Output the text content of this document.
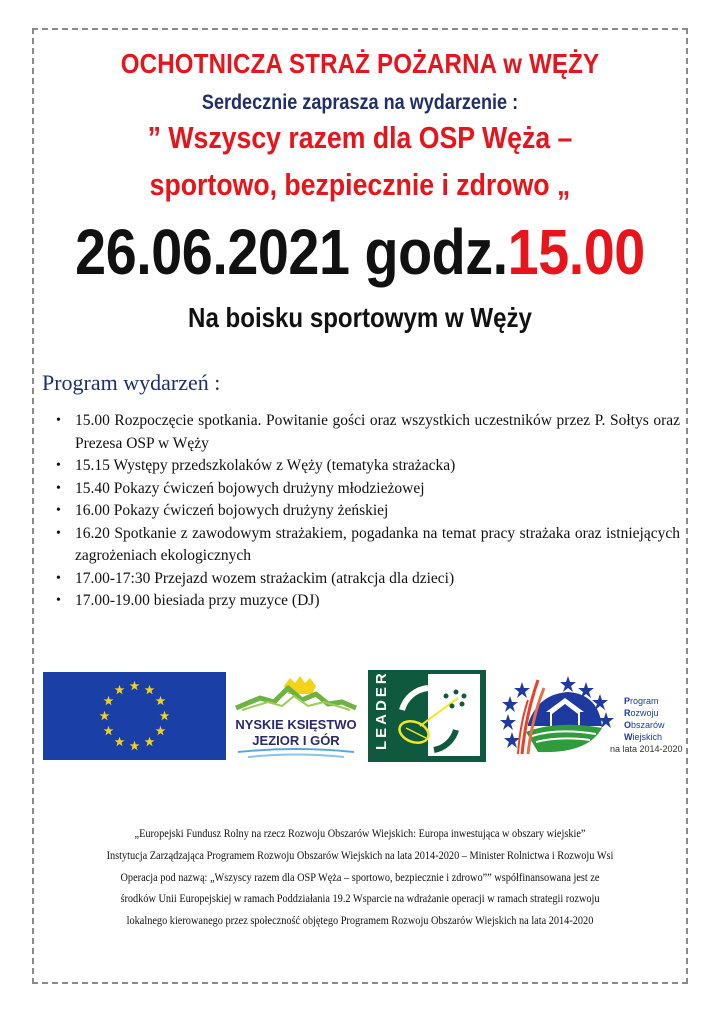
OCHOTNICZA STRAŻ POŻARNA w WĘŻY
Serdecznie zaprasza na wydarzenie :
” Wszyscy razem dla OSP Węża –
sportowo, bezpiecznie i zdrowo „
26.06.2021 godz.15.00
Na boisku sportowym w Węży
Program wydarzeń :
• 15.00 Rozpoczęcie spotkania. Powitanie gości oraz wszystkich uczestników przez P. Sołtys oraz Prezesa OSP w Węży
• 15.15 Występy przedszkolaków z Węży (tematyka strażacka)
• 15.40 Pokazy ćwiczeń bojowych drużyny młodzieżowej
• 16.00 Pokazy ćwiczeń bojowych drużyny żeńskiej
• 16.20 Spotkanie z zawodowym strażakiem, pogadanka na temat pracy strażaka oraz istniejących zagrożeniach ekologicznych
• 17.00-17:30 Przejazd wozem strażackim (atrakcja dla dzieci)
• 17.00-19.00 biesiada przy muzyce (DJ)
NYSKIE KSIĘSTWO
JEZIOR I GÓR LEADER	Program
Rozwoju
Obszarów
Wiejskich
na lata 2014-2020
„Europejski Fundusz Rolny na rzecz Rozwoju Obszarów Wiejskich: Europa inwestująca w obszary wiejskie”
Instytucja Zarządzająca Programem Rozwoju Obszarów Wiejskich na lata 2014-2020 – Minister Rolnictwa i Rozwoju Wsi
Operacja pod nazwą: „Wszyscy razem dla OSP Węża – sportowo, bezpiecznie i zdrowo”” współfinansowana jest ze
środków Unii Europejskiej w ramach Poddziałania 19.2 Wsparcie na wdrażanie operacji w ramach strategii rozwoju
lokalnego kierowanego przez społeczność objętego Programem Rozwoju Obszarów Wiejskich na lata 2014-2020
